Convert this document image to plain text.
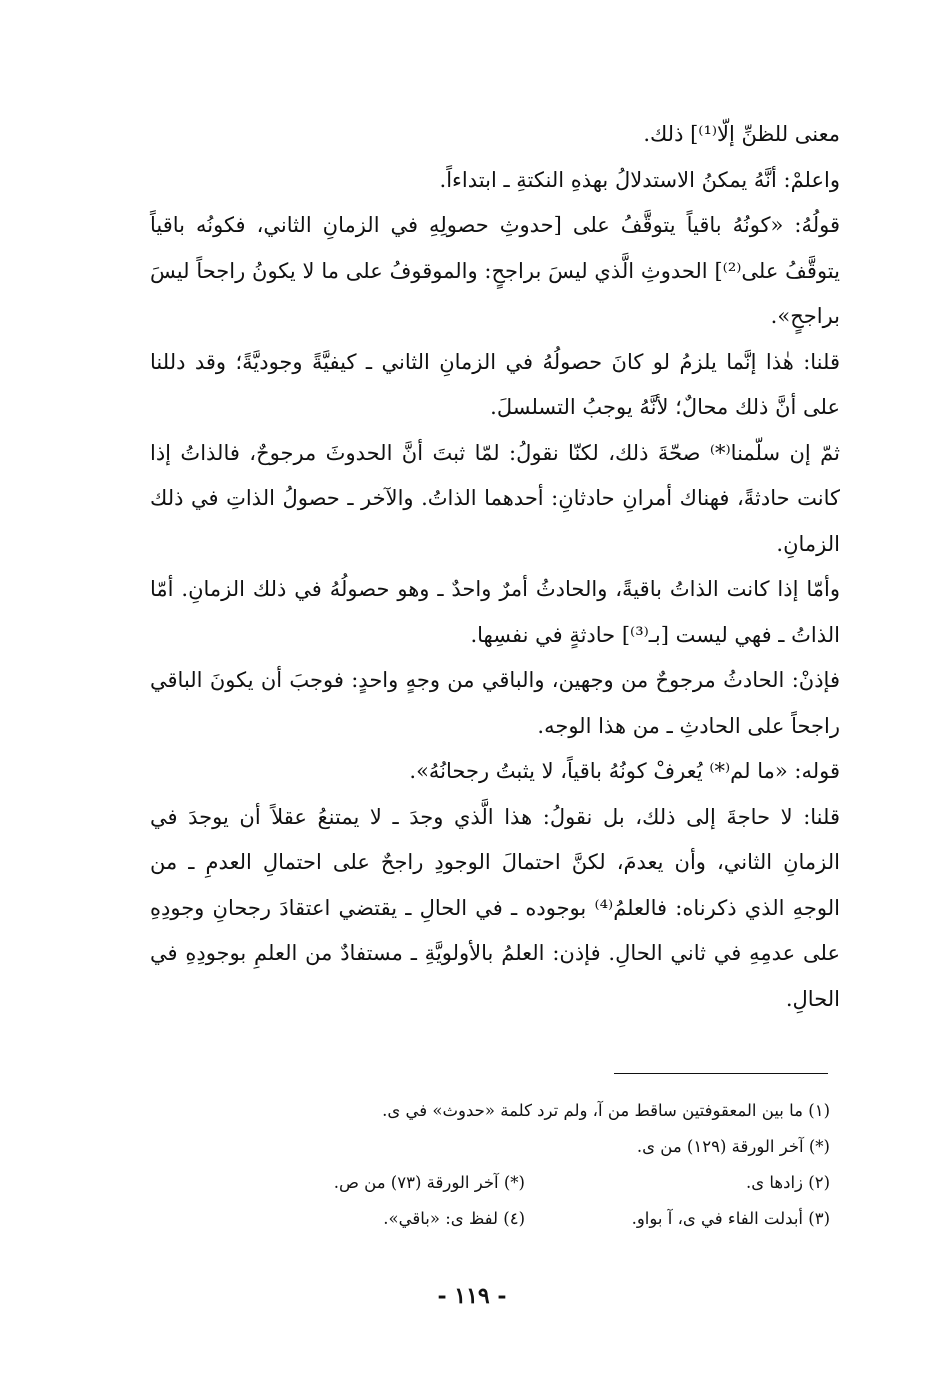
معنى للظنِّ إلّا⁽¹⁾] ذلك.

واعلمْ: أنَّهُ يمكنُ الاستدلالُ بهذهِ النكتةِ ـ ابتداءاً.

قولُهُ: «كونُهُ باقياً يتوقَّفُ على [حدوثِ حصولِهِ في الزمانِ الثاني، فكونُه باقياً يتوقَّفُ على⁽²⁾] الحدوثِ الَّذي ليسَ براجحٍ: والموقوفُ على ما لا يكونُ راجحاً ليسَ براجحٍ».

قلنا: هٰذا إنَّما يلزمُ لو كانَ حصولُهُ في الزمانِ الثاني ـ كيفيَّةً وجوديَّةً؛ وقد دللنا على أنَّ ذلك محالٌ؛ لأنَّهُ يوجبُ التسلسلَ.

ثمّ إن سلّمنا⁽*⁾ صحّةَ ذلك، لكنّا نقولُ: لمّا ثبتَ أنَّ الحدوثَ مرجوحٌ، فالذاتُ إذا كانت حادثةً، فهناك أمرانِ حادثانِ: أحدهما الذاتُ. والآخر ـ حصولُ الذاتِ في ذلك الزمانِ.

وأمّا إذا كانت الذاتُ باقيةً، والحادثُ أمرٌ واحدٌ ـ وهو حصولُهُ في ذلك الزمانِ. أمّا الذاتُ ـ فهي ليست [بـ⁽³⁾] حادثةٍ في نفسِها.

فإذنْ: الحادثُ مرجوحٌ من وجهين، والباقي من وجهٍ واحدٍ: فوجبَ أن يكونَ الباقي راجحاً على الحادثِ ـ من هذا الوجه.

قوله: «ما لم⁽*⁾ يُعرفْ كونُهُ باقياً، لا يثبتُ رجحانُهُ».

قلنا: لا حاجةَ إلى ذلك، بل نقولُ: هذا الَّذي وجدَ ـ لا يمتنعُ عقلاً أن يوجدَ في الزمانِ الثاني، وأن يعدمَ، لكنَّ احتمالَ الوجودِ راجحٌ على احتمالِ العدمِ ـ من الوجهِ الذي ذكرناه: فالعلمُ⁽⁴⁾ بوجوده ـ في الحالِ ـ يقتضي اعتقادَ رجحانِ وجودِهِ على عدمِهِ في ثاني الحالِ. فإذن: العلمُ بالأولويَّةِ ـ مستفادٌ من العلمِ بوجودِهِ في الحالِ.

(١) ما بين المعقوفتين ساقط من آ، ولم ترد كلمة «حدوث» في ى.
(*) آخر الورقة (١٢٩) من ى.
(٢) زادها ى.
(*) آخر الورقة (٧٣) من ص.
(٣) أبدلت الفاء في ى، آ بواو.
(٤) لفظ ى: «باقي».
- ١١٩ -
